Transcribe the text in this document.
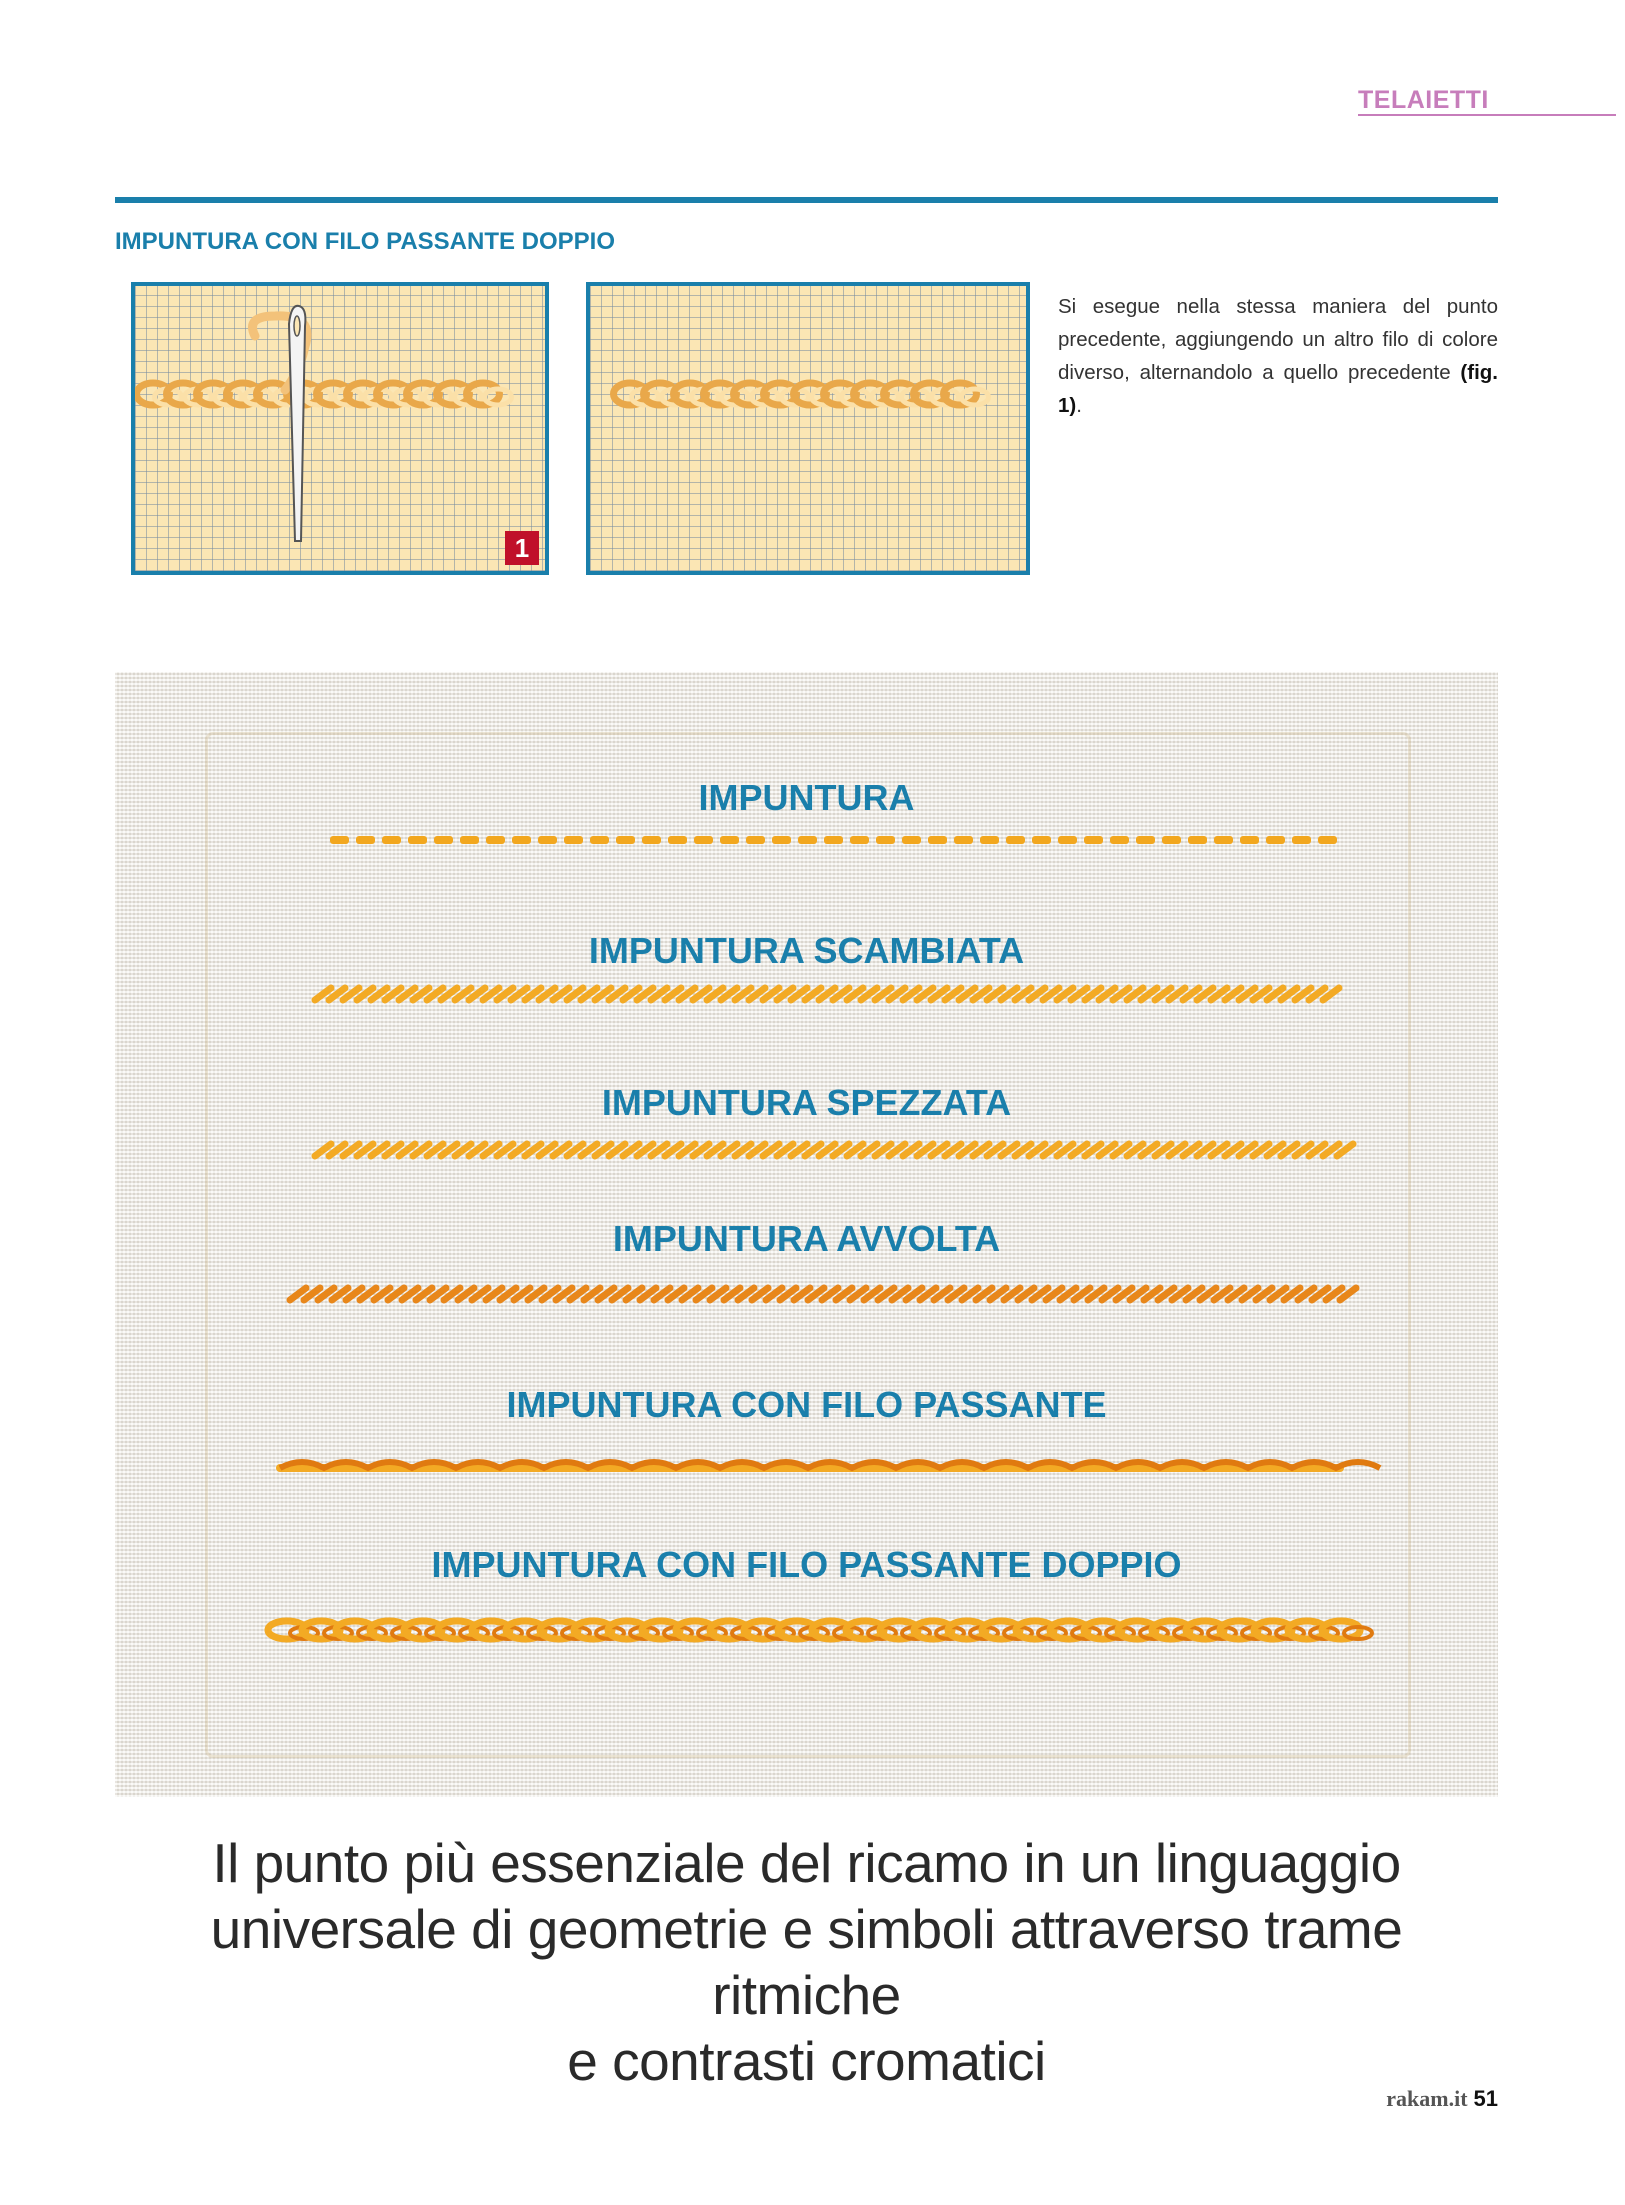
TELAIETTI
IMPUNTURA CON FILO PASSANTE DOPPIO
1
Si esegue nella stessa maniera del punto precedente, aggiungendo un altro filo di colore diverso, alternandolo a quello precedente (fig. 1).
IMPUNTURA
IMPUNTURA SCAMBIATA
IMPUNTURA SPEZZATA
IMPUNTURA AVVOLTA
IMPUNTURA CON FILO PASSANTE
IMPUNTURA CON FILO PASSANTE DOPPIO
Il punto più essenziale del ricamo in un linguaggio
universale di geometrie e simboli attraverso trame ritmiche
e contrasti cromatici
rakam.it 51
